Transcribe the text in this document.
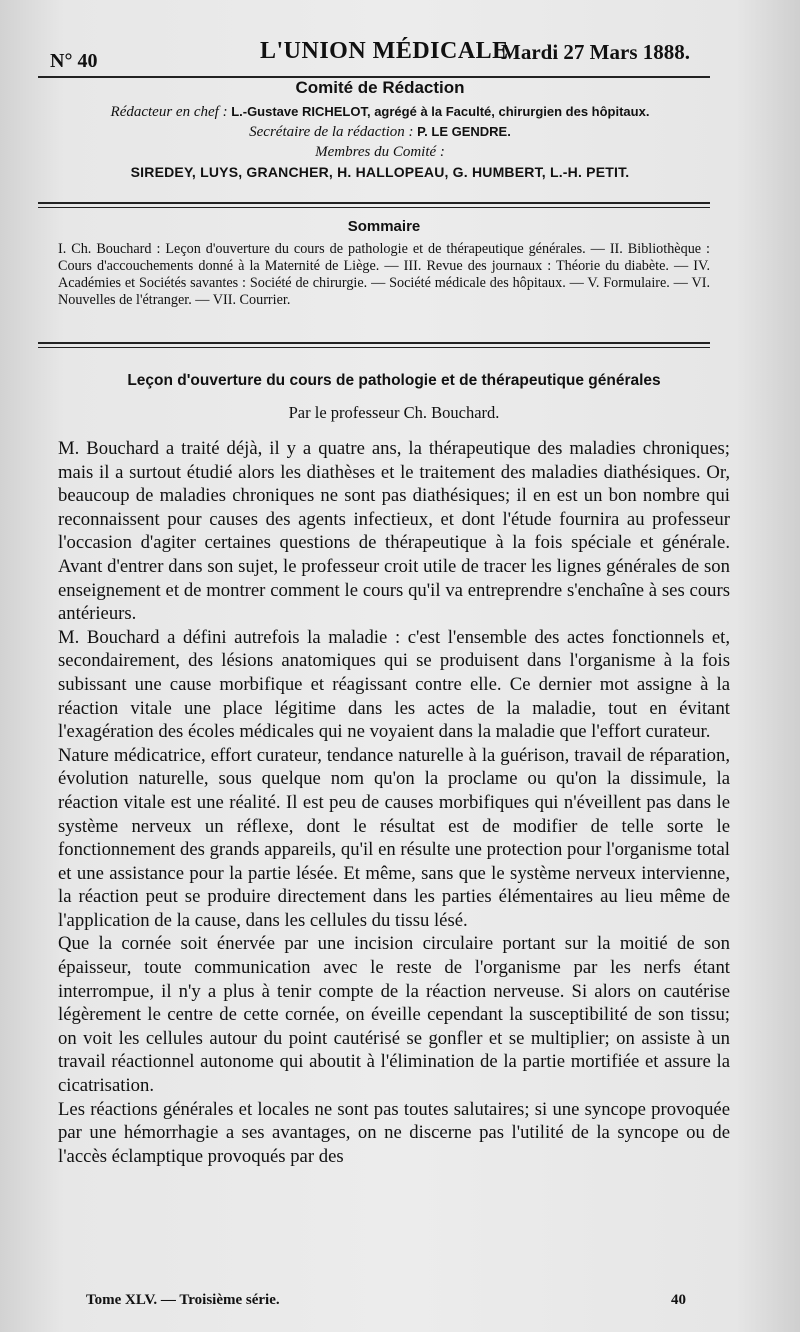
N° 40	L'UNION MÉDICALE
Mardi 27 Mars 1888.
Comité de Rédaction
Rédacteur en chef : L.-Gustave RICHELOT, agrégé à la Faculté, chirurgien des hôpitaux.
Secrétaire de la rédaction : P. LE GENDRE.
Membres du Comité :
SIREDEY, LUYS, GRANCHER, H. HALLOPEAU, G. HUMBERT, L.-H. PETIT.
Sommaire
I. Ch. Bouchard : Leçon d'ouverture du cours de pathologie et de thérapeutique générales. — II. Bibliothèque : Cours d'accouchements donné à la Maternité de Liège. — III. Revue des journaux : Théorie du diabète. — IV. Académies et Sociétés savantes : Société de chirurgie. — Société médicale des hôpitaux. — V. Formulaire. — VI. Nouvelles de l'étranger. — VII. Courrier.
Leçon d'ouverture du cours de pathologie et de thérapeutique générales
Par le professeur Ch. Bouchard.

M. Bouchard a traité déjà, il y a quatre ans, la thérapeutique des maladies chroniques; mais il a surtout étudié alors les diathèses et le traitement des maladies diathésiques. Or, beaucoup de maladies chroniques ne sont pas diathésiques; il en est un bon nombre qui reconnaissent pour causes des agents infectieux, et dont l'étude fournira au professeur l'occasion d'agiter certaines questions de thérapeutique à la fois spéciale et générale. Avant d'entrer dans son sujet, le professeur croit utile de tracer les lignes générales de son enseignement et de montrer comment le cours qu'il va entreprendre s'enchaîne à ses cours antérieurs.

M. Bouchard a défini autrefois la maladie : c'est l'ensemble des actes fonctionnels et, secondairement, des lésions anatomiques qui se produisent dans l'organisme à la fois subissant une cause morbifique et réagissant contre elle. Ce dernier mot assigne à la réaction vitale une place légitime dans les actes de la maladie, tout en évitant l'exagération des écoles médicales qui ne voyaient dans la maladie que l'effort curateur.

Nature médicatrice, effort curateur, tendance naturelle à la guérison, travail de réparation, évolution naturelle, sous quelque nom qu'on la proclame ou qu'on la dissimule, la réaction vitale est une réalité. Il est peu de causes morbifiques qui n'éveillent pas dans le système nerveux un réflexe, dont le résultat est de modifier de telle sorte le fonctionnement des grands appareils, qu'il en résulte une protection pour l'organisme total et une assistance pour la partie lésée. Et même, sans que le système nerveux intervienne, la réaction peut se produire directement dans les parties élémentaires au lieu même de l'application de la cause, dans les cellules du tissu lésé.

Que la cornée soit énervée par une incision circulaire portant sur la moitié de son épaisseur, toute communication avec le reste de l'organisme par les nerfs étant interrompue, il n'y a plus à tenir compte de la réaction nerveuse. Si alors on cautérise légèrement le centre de cette cornée, on éveille cependant la susceptibilité de son tissu; on voit les cellules autour du point cautérisé se gonfler et se multiplier; on assiste à un travail réactionnel autonome qui aboutit à l'élimination de la partie mortifiée et assure la cicatrisation.

Les réactions générales et locales ne sont pas toutes salutaires; si une syncope provoquée par une hémorrhagie a ses avantages, on ne discerne pas l'utilité de la syncope ou de l'accès éclamptique provoqués par des

Tome XLV. — Troisième série.	40
